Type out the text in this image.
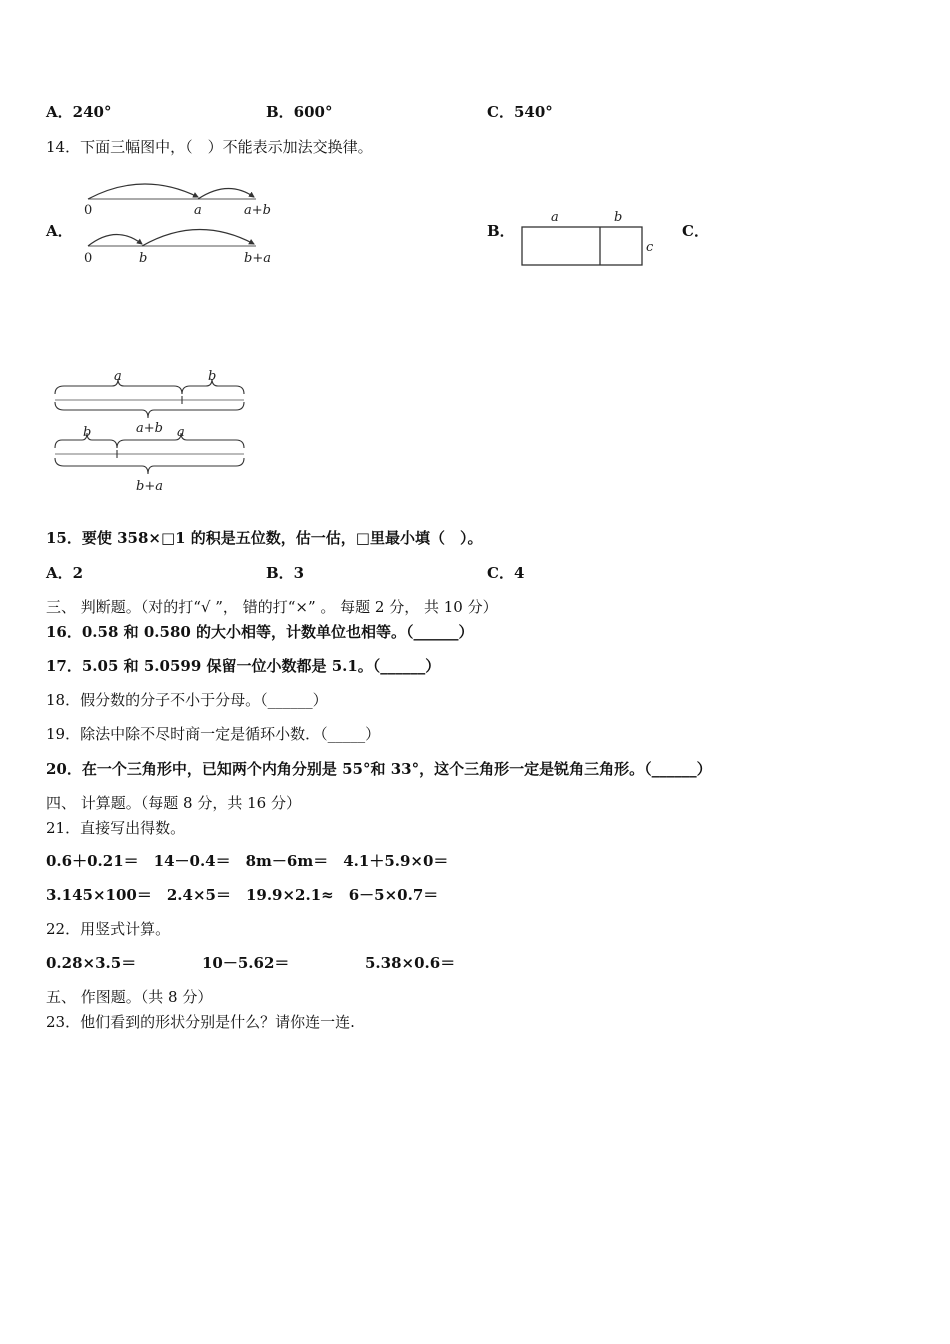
A．240°	B．600°	C．540°
14．下面三幅图中，（　）不能表示加法交换律。
A．	B．	C．
0	a	a+b
0	b	b+a
a	b
c
a	b
a+b
b	a
b+a
15．要使 358×□1 的积是五位数，估一估，□里最小填（　）。
A．2	B．3	C．4
三、 判断题。（对的打“√ ”， 错的打“×” 。 每题 2 分， 共 10 分）
16．0.58 和 0.580 的大小相等，计数单位也相等。（______）
17．5.05 和 5.0599 保留一位小数都是 5.1。（______）
18．假分数的分子不小于分母。（______）
19．除法中除不尽时商一定是循环小数．（_____）
20．在一个三角形中，已知两个内角分别是 55°和 33°，这个三角形一定是锐角三角形。（______）
四、 计算题。（每题 8 分，共 16 分）
21．直接写出得数。
0.6＋0.21＝　14－0.4＝　8m－6m＝　4.1＋5.9×0＝
3.145×100＝　2.4×5＝　19.9×2.1≈　6－5×0.7＝
22．用竖式计算。
0.28×3.5＝	10－5.62＝	5.38×0.6＝
五、 作图题。（共 8 分）
23．他们看到的形状分别是什么？请你连一连.
